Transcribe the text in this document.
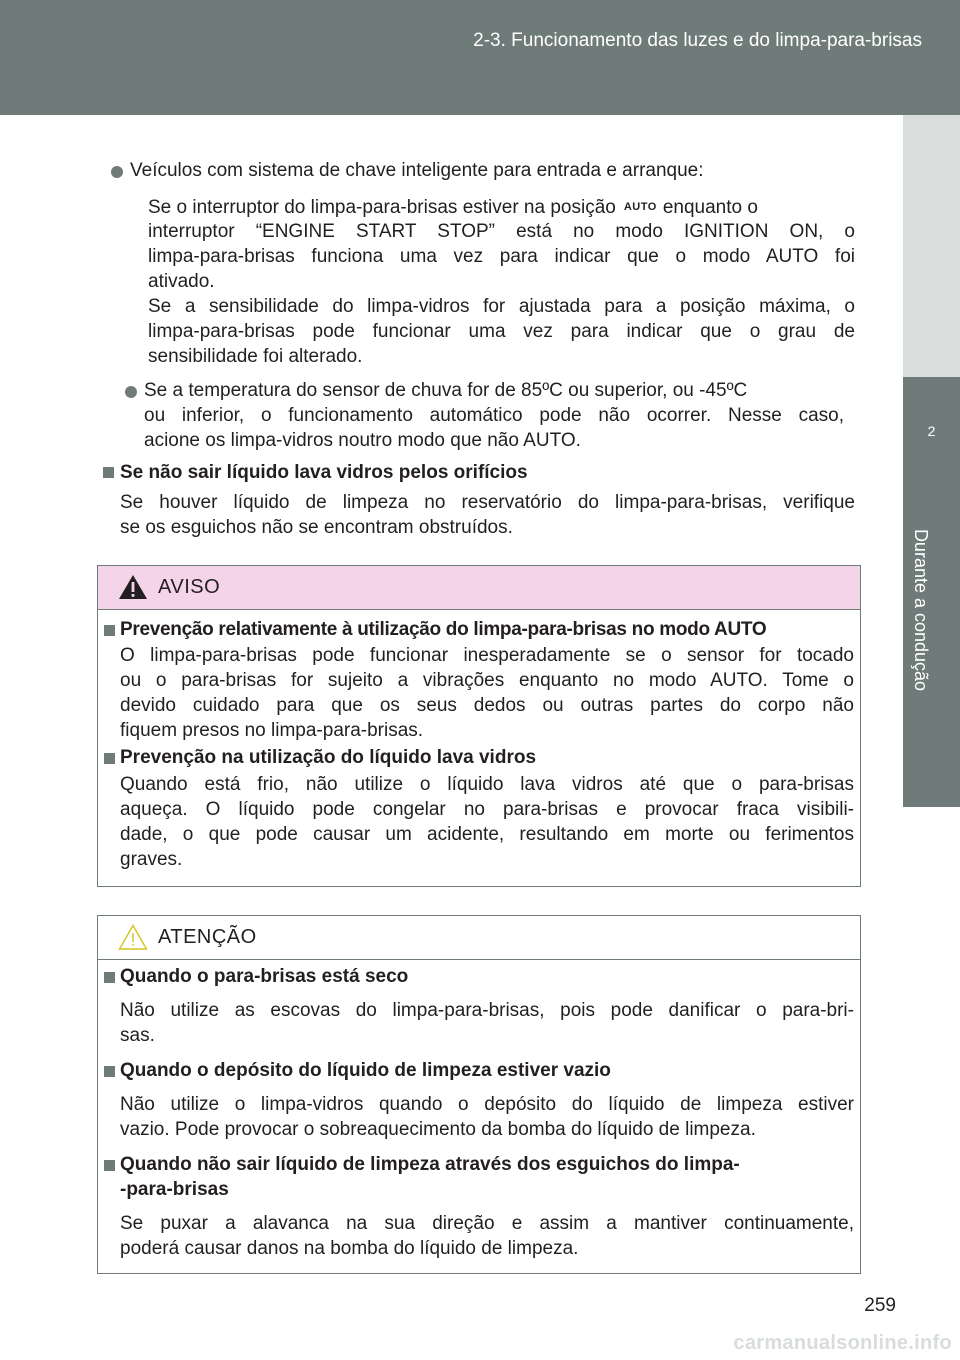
2-3. Funcionamento das luzes e do limpa-para-brisas
2
Durante a condução
Veículos com sistema de chave inteligente para entrada e arranque:
Se o interruptor do limpa-para-brisas estiver na posição AUTO enquanto o
interruptor “ENGINE START STOP” está no modo IGNITION ON, o
limpa-para-brisas funciona uma vez para indicar que o modo AUTO foi
ativado.
Se a sensibilidade do limpa-vidros for ajustada para a posição máxima, o
limpa-para-brisas pode funcionar uma vez para indicar que o grau de
sensibilidade foi alterado.
Se a temperatura do sensor de chuva for de 85ºC ou superior, ou -45ºC
ou inferior, o funcionamento automático pode não ocorrer. Nesse caso,
acione os limpa-vidros noutro modo que não AUTO.
Se não sair líquido lava vidros pelos orifícios
Se houver líquido de limpeza no reservatório do limpa-para-brisas, verifique
se os esguichos não se encontram obstruídos.
AVISO
Prevenção relativamente à utilização do limpa-para-brisas no modo AUTO
O limpa-para-brisas pode funcionar inesperadamente se o sensor for tocado
ou o para-brisas for sujeito a vibrações enquanto no modo AUTO. Tome o
devido cuidado para que os seus dedos ou outras partes do corpo não
fiquem presos no limpa-para-brisas.
Prevenção na utilização do líquido lava vidros
Quando está frio, não utilize o líquido lava vidros até que o para-brisas
aqueça. O líquido pode congelar no para-brisas e provocar fraca visibili-
dade, o que pode causar um acidente, resultando em morte ou ferimentos
graves.
ATENÇÃO
Quando o para-brisas está seco
Não utilize as escovas do limpa-para-brisas, pois pode danificar o para-bri-
sas.
Quando o depósito do líquido de limpeza estiver vazio
Não utilize o limpa-vidros quando o depósito do líquido de limpeza estiver
vazio. Pode provocar o sobreaquecimento da bomba do líquido de limpeza.
Quando não sair líquido de limpeza através dos esguichos do limpa-
-para-brisas
Se puxar a alavanca na sua direção e assim a mantiver continuamente,
poderá causar danos na bomba do líquido de limpeza.
259
carmanualsonline.info
